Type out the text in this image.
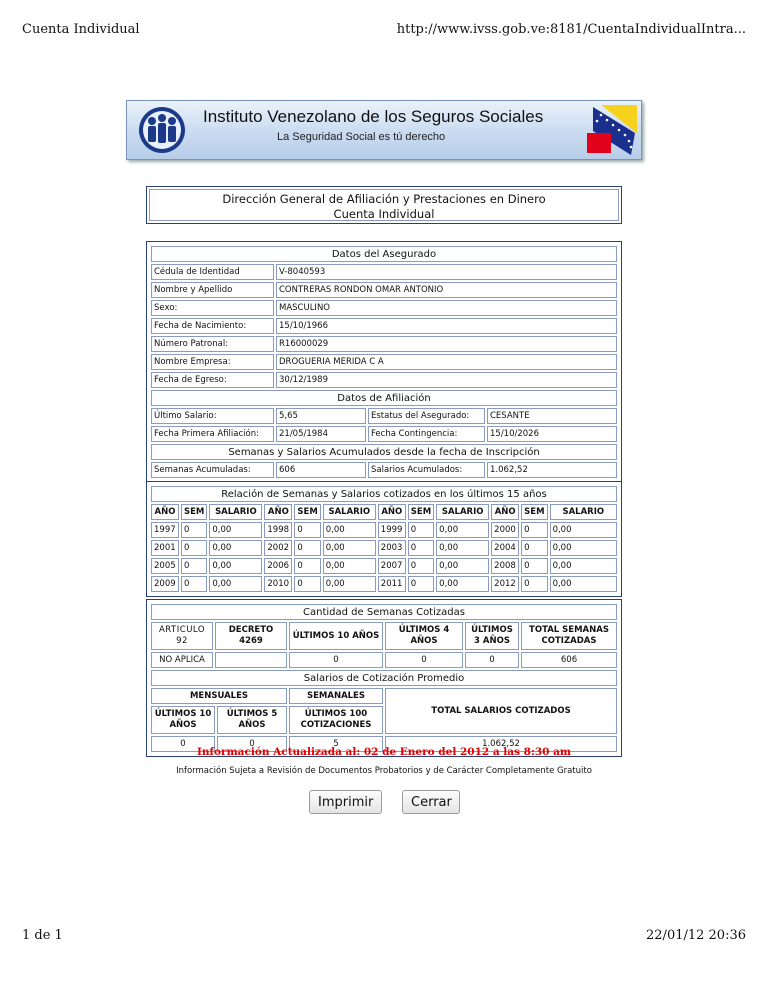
Cuenta Individual	http://www.ivss.gob.ve:8181/CuentaIndividualIntra...
1 de 1	22/01/12 20:36
Instituto Venezolano de los Seguros Sociales
La Seguridad Social es tú derecho
Dirección General de Afiliación y Prestaciones en Dinero
Cuenta Individual
Datos del Asegurado			
Cédula de Identidad	V-8040593		
Nombre y Apellido	CONTRERAS RONDON OMAR ANTONIO		
Sexo:	MASCULINO		
Fecha de Nacimiento:	15/10/1966		
Número Patronal:	R16000029		
Nombre Empresa:	DROGUERIA MERIDA C A		
Fecha de Egreso:	30/12/1989		
Datos de Afiliación			
Último Salario:	5,65	Estatus del Asegurado:	CESANTE
Fecha Primera Afiliación:	21/05/1984	Fecha Contingencia:	15/10/2026
Semanas y Salarios Acumulados desde la fecha de Inscripción			
Semanas Acumuladas:	606	Salarios Acumulados:	1.062,52
Relación de Semanas y Salarios cotizados en los últimos 15 años											
AÑO	SEM	SALARIO	AÑO	SEM	SALARIO	AÑO	SEM	SALARIO	AÑO	SEM	SALARIO
1997	0	0,00	1998	0	0,00	1999	0	0,00	2000	0	0,00
2001	0	0,00	2002	0	0,00	2003	0	0,00	2004	0	0,00
2005	0	0,00	2006	0	0,00	2007	0	0,00	2008	0	0,00
2009	0	0,00	2010	0	0,00	2011	0	0,00	2012	0	0,00
Cantidad de Semanas Cotizadas					
ARTICULO 92	DECRETO 4269	ÚLTIMOS 10 AÑOS	ÚLTIMOS 4 AÑOS	ÚLTIMOS 3 AÑOS	TOTAL SEMANAS COTIZADAS
NO APLICA		0	0	0	606
Salarios de Cotización Promedio			
MENSUALES		SEMANALES	TOTAL SALARIOS COTIZADOS
ÚLTIMOS 10 AÑOS	ÚLTIMOS 5 AÑOS	ÚLTIMOS 100 COTIZACIONES	
0	0	5	1.062,52
Información Actualizada al: 02 de Enero del 2012 a las 8:30 am
Información Sujeta a Revisión de Documentos Probatorios y de Carácter Completamente Gratuito
Imprimir	Cerrar
